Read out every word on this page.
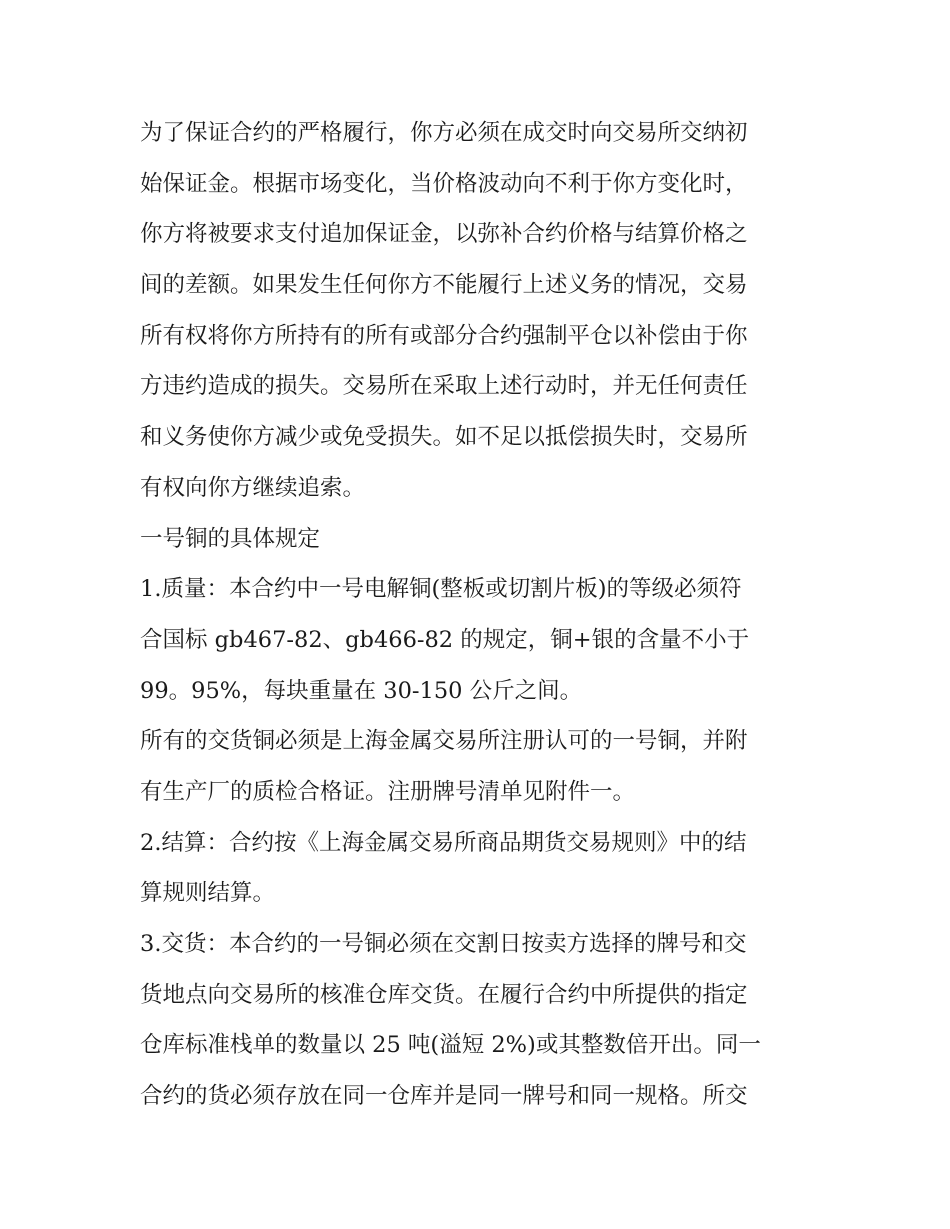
为了保证合约的严格履行，你方必须在成交时向交易所交纳初
始保证金。根据市场变化，当价格波动向不利于你方变化时，
你方将被要求支付追加保证金，以弥补合约价格与结算价格之
间的差额。如果发生任何你方不能履行上述义务的情况，交易
所有权将你方所持有的所有或部分合约强制平仓以补偿由于你
方违约造成的损失。交易所在采取上述行动时，并无任何责任
和义务使你方减少或免受损失。如不足以抵偿损失时，交易所
有权向你方继续追索。
一号铜的具体规定
1.质量：本合约中一号电解铜(整板或切割片板)的等级必须符
合国标 gb467-82、gb466-82 的规定，铜+银的含量不小于
99。95%，每块重量在 30-150 公斤之间。
所有的交货铜必须是上海金属交易所注册认可的一号铜，并附
有生产厂的质检合格证。注册牌号清单见附件一。
2.结算：合约按《上海金属交易所商品期货交易规则》中的结
算规则结算。
3.交货：本合约的一号铜必须在交割日按卖方选择的牌号和交
货地点向交易所的核准仓库交货。在履行合约中所提供的指定
仓库标准栈单的数量以 25 吨(溢短 2%)或其整数倍开出。同一
合约的货必须存放在同一仓库并是同一牌号和同一规格。所交
